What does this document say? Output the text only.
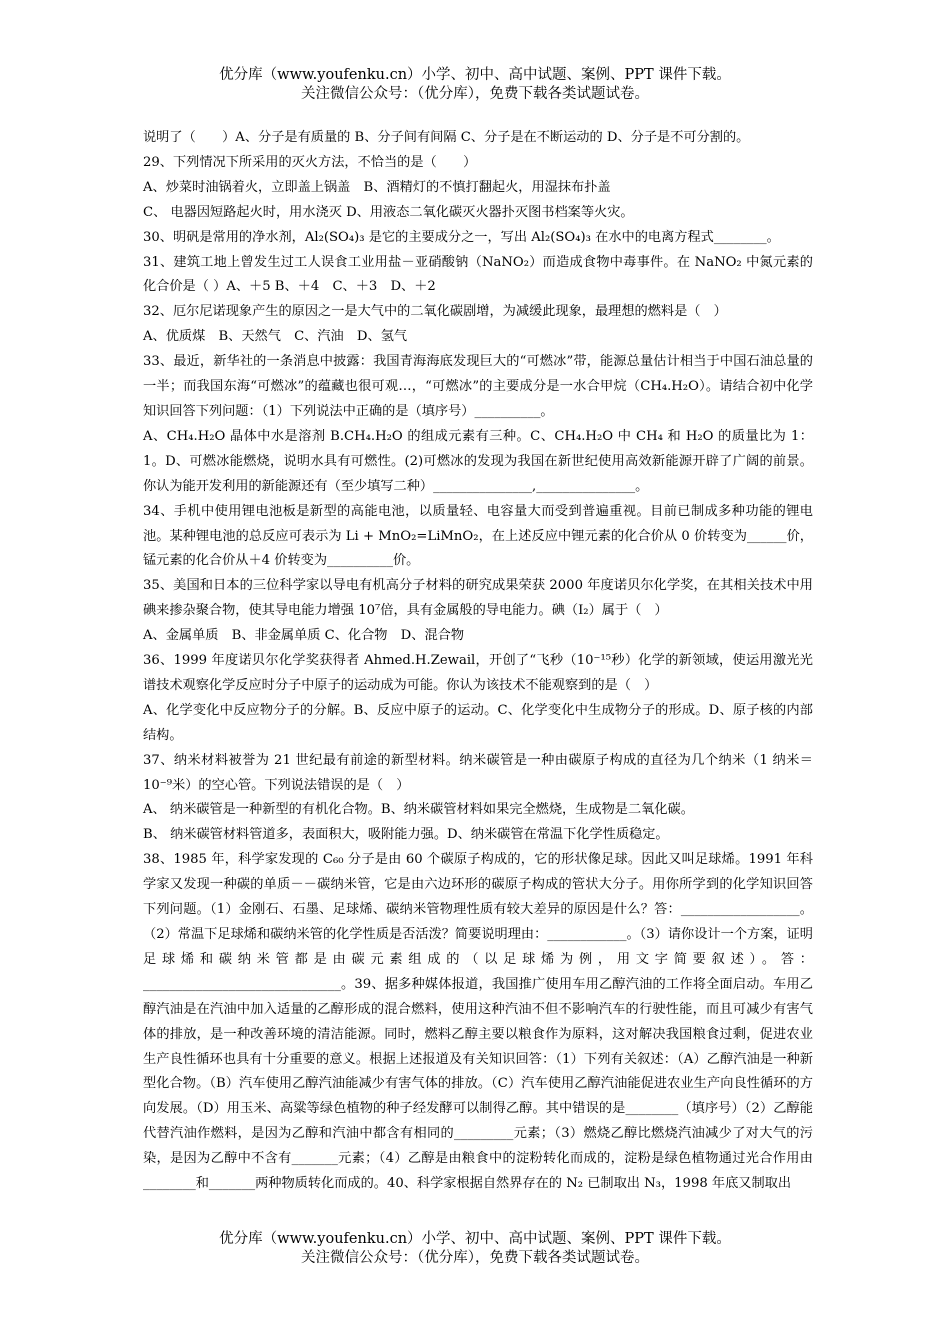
优分库（www.youfenku.cn）小学、初中、高中试题、案例、PPT 课件下载。
关注微信公众号：（优分库），免费下载各类试题试卷。

说明了（　　）A、分子是有质量的 B、分子间有间隔 C、分子是在不断运动的 D、分子是不可分割的。

29、下列情况下所采用的灭火方法，不恰当的是（　　）

A、炒菜时油锅着火，立即盖上锅盖　B、酒精灯的不慎打翻起火，用湿抹布扑盖

C、 电器因短路起火时，用水浇灭 D、用液态二氧化碳灭火器扑灭图书档案等火灾。

30、明矾是常用的净水剂，Al₂(SO₄)₃ 是它的主要成分之一，写出 Al₂(SO₄)₃ 在水中的电离方程式________。

31、建筑工地上曾发生过工人误食工业用盐－亚硝酸钠（NaNO₂）而造成食物中毒事件。在 NaNO₂ 中氮元素的化合价是（ ）A、＋5 B、＋4　C、＋3　D、＋2

32、厄尔尼诺现象产生的原因之一是大气中的二氧化碳剧增，为减缓此现象，最理想的燃料是（　）

A、优质煤　B、天然气　C、汽油　D、氢气

33、最近，新华社的一条消息中披露：我国青海海底发现巨大的“可燃冰”带，能源总量估计相当于中国石油总量的一半；而我国东海“可燃冰”的蕴藏也很可观…，“可燃冰”的主要成分是一水合甲烷（CH₄.H₂O）。请结合初中化学知识回答下列问题：（1）下列说法中正确的是（填序号）__________。

A、CH₄.H₂O 晶体中水是溶剂 B.CH₄.H₂O 的组成元素有三种。C、CH₄.H₂O 中 CH₄ 和 H₂O 的质量比为 1：1。D、可燃冰能燃烧，说明水具有可燃性。(2)可燃冰的发现为我国在新世纪使用高效新能源开辟了广阔的前景。你认为能开发利用的新能源还有（至少填写二种）_______________,_______________。

34、手机中使用锂电池板是新型的高能电池，以质量轻、电容量大而受到普遍重视。目前已制成多种功能的锂电池。某种锂电池的总反应可表示为 Li + MnO₂=LiMnO₂，在上述反应中锂元素的化合价从 0 价转变为______价，锰元素的化合价从＋4 价转变为__________价。

35、美国和日本的三位科学家以导电有机高分子材料的研究成果荣获 2000 年度诺贝尔化学奖，在其相关技术中用碘来掺杂聚合物，使其导电能力增强 10⁷倍，具有金属般的导电能力。碘（I₂）属于（　）

A、金属单质　B、非金属单质 C、化合物　D、混合物

36、1999 年度诺贝尔化学奖获得者 Ahmed.H.Zewail，开创了“飞秒（10⁻¹⁵秒）化学的新领域，使运用激光光谱技术观察化学反应时分子中原子的运动成为可能。你认为该技术不能观察到的是（　）

A、化学变化中反应物分子的分解。B、反应中原子的运动。C、化学变化中生成物分子的形成。D、原子核的内部结构。

37、纳米材料被誉为 21 世纪最有前途的新型材料。纳米碳管是一种由碳原子构成的直径为几个纳米（1 纳米＝10⁻⁹米）的空心管。下列说法错误的是（　）

A、 纳米碳管是一种新型的有机化合物。B、纳米碳管材料如果完全燃烧，生成物是二氧化碳。

B、 纳米碳管材料管道多，表面积大，吸附能力强。D、纳米碳管在常温下化学性质稳定。

38、1985 年，科学家发现的 C₆₀ 分子是由 60 个碳原子构成的，它的形状像足球。因此又叫足球烯。1991 年科学家又发现一种碳的单质－－碳纳米管，它是由六边环形的碳原子构成的管状大分子。用你所学到的化学知识回答下列问题。（1）金刚石、石墨、足球烯、碳纳米管物理性质有较大差异的原因是什么？答：__________________。（2）常温下足球烯和碳纳米管的化学性质是否活泼？简要说明理由：____________。（3）请你设计一个方案，证明足球烯和碳纳米管都是由碳元素组成的（以足球烯为例，用文字简要叙述）。答：______________________________。39、据多种媒体报道，我国推广使用车用乙醇汽油的工作将全面启动。车用乙醇汽油是在汽油中加入适量的乙醇形成的混合燃料，使用这种汽油不但不影响汽车的行驶性能，而且可减少有害气体的排放，是一种改善环境的清洁能源。同时，燃料乙醇主要以粮食作为原料，这对解决我国粮食过剩，促进农业生产良性循环也具有十分重要的意义。根据上述报道及有关知识回答：（1）下列有关叙述：（A）乙醇汽油是一种新型化合物。（B）汽车使用乙醇汽油能减少有害气体的排放。（C）汽车使用乙醇汽油能促进农业生产向良性循环的方向发展。（D）用玉米、高粱等绿色植物的种子经发酵可以制得乙醇。其中错误的是________（填序号）（2）乙醇能代替汽油作燃料，是因为乙醇和汽油中都含有相同的_________元素；（3）燃烧乙醇比燃烧汽油减少了对大气的污染，是因为乙醇中不含有_______元素；（4）乙醇是由粮食中的淀粉转化而成的，淀粉是绿色植物通过光合作用由________和_______两种物质转化而成的。40、科学家根据自然界存在的 N₂ 已制取出 N₃，1998 年底又制取出

优分库（www.youfenku.cn）小学、初中、高中试题、案例、PPT 课件下载。
关注微信公众号：（优分库），免费下载各类试题试卷。
